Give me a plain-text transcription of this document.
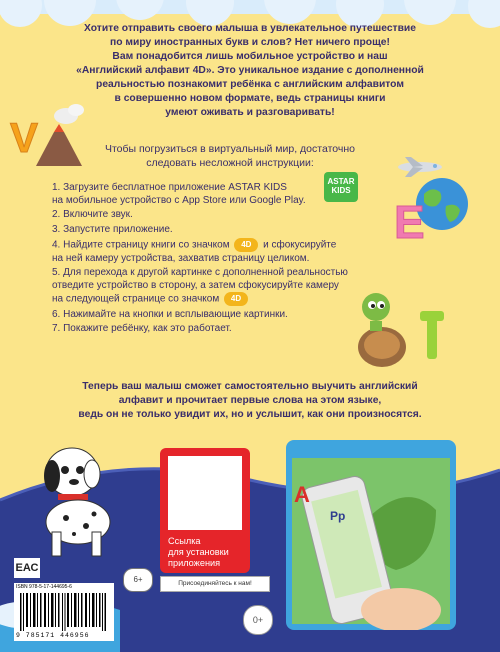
Хотите отправить своего малыша в увлекательное путешествие
по миру иностранных букв и слов? Нет ничего проще!
Вам понадобится лишь мобильное устройство и наш
«Английский алфавит 4D». Это уникальное издание с дополненной
реальностью познакомит ребёнка с английским алфавитом
в совершенно новом формате, ведь страницы книги
умеют оживать и разговаривать!
V	Чтобы погрузиться в виртуальный мир, достаточно
следовать несложной инструкции:
E
ASTAR
KIDS
1. Загрузите бесплатное приложение ASTAR KIDS
на мобильное устройство с App Store или Google Play.
2. Включите звук.
3. Запустите приложение.
4. Найдите страницу книги со значком 4D и сфокусируйте
на ней камеру устройства, захватив страницу целиком.
5. Для перехода к другой картинке с дополненной реальностью
отведите устройство в сторону, а затем сфокусируйте камеру
на следующей странице со значком 4D
6. Нажимайте на кнопки и всплывающие картинки.
7. Покажите ребёнку, как это работает.	T
Теперь ваш малыш сможет самостоятельно выучить английский
алфавит и прочитает первые слова на этом языке,
ведь он не только увидит их, но и услышит, как они произносятся.
Ссылка
для установки
приложения
Присоединяйтесь к нам!
A
Pp
6+
0+
ЕАС
ISBN 978-5-17-144695-6
9 785171 446956
